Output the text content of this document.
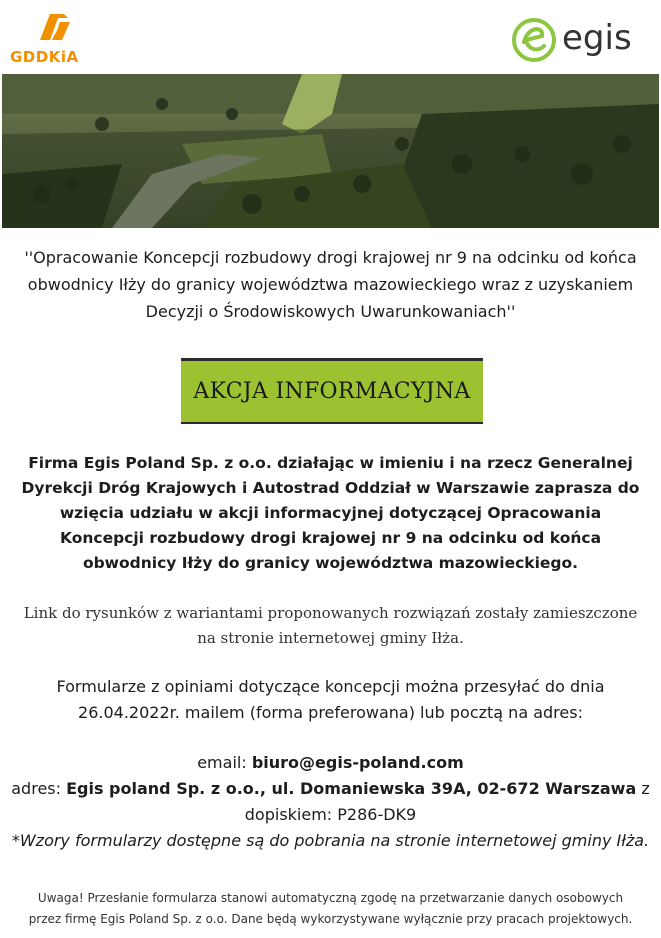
GDDKiA	egis
''Opracowanie Koncepcji rozbudowy drogi krajowej nr 9 na odcinku od końca
obwodnicy Iłży do granicy województwa mazowieckiego wraz z uzyskaniem
Decyzji o Środowiskowych Uwarunkowaniach''
AKCJA INFORMACYJNA
Firma Egis Poland Sp. z o.o. działając w imieniu i na rzecz Generalnej
Dyrekcji Dróg Krajowych i Autostrad Oddział w Warszawie zaprasza do
wzięcia udziału w akcji informacyjnej dotyczącej Opracowania
Koncepcji rozbudowy drogi krajowej nr 9 na odcinku od końca
obwodnicy Iłży do granicy województwa mazowieckiego.
Link do rysunków z wariantami proponowanych rozwiązań zostały zamieszczone
na stronie internetowej gminy Iłża.
Formularze z opiniami dotyczące koncepcji można przesyłać do dnia
26.04.2022r. mailem (forma preferowana) lub pocztą na adres:
email: biuro@egis-poland.com
adres: Egis poland Sp. z o.o., ul. Domaniewska 39A, 02-672 Warszawa z
dopiskiem: P286-DK9
*Wzory formularzy dostępne są do pobrania na stronie internetowej gminy Iłża.
Uwaga! Przesłanie formularza stanowi automatyczną zgodę na przetwarzanie danych osobowych
przez firmę Egis Poland Sp. z o.o. Dane będą wykorzystywane wyłącznie przy pracach projektowych.
